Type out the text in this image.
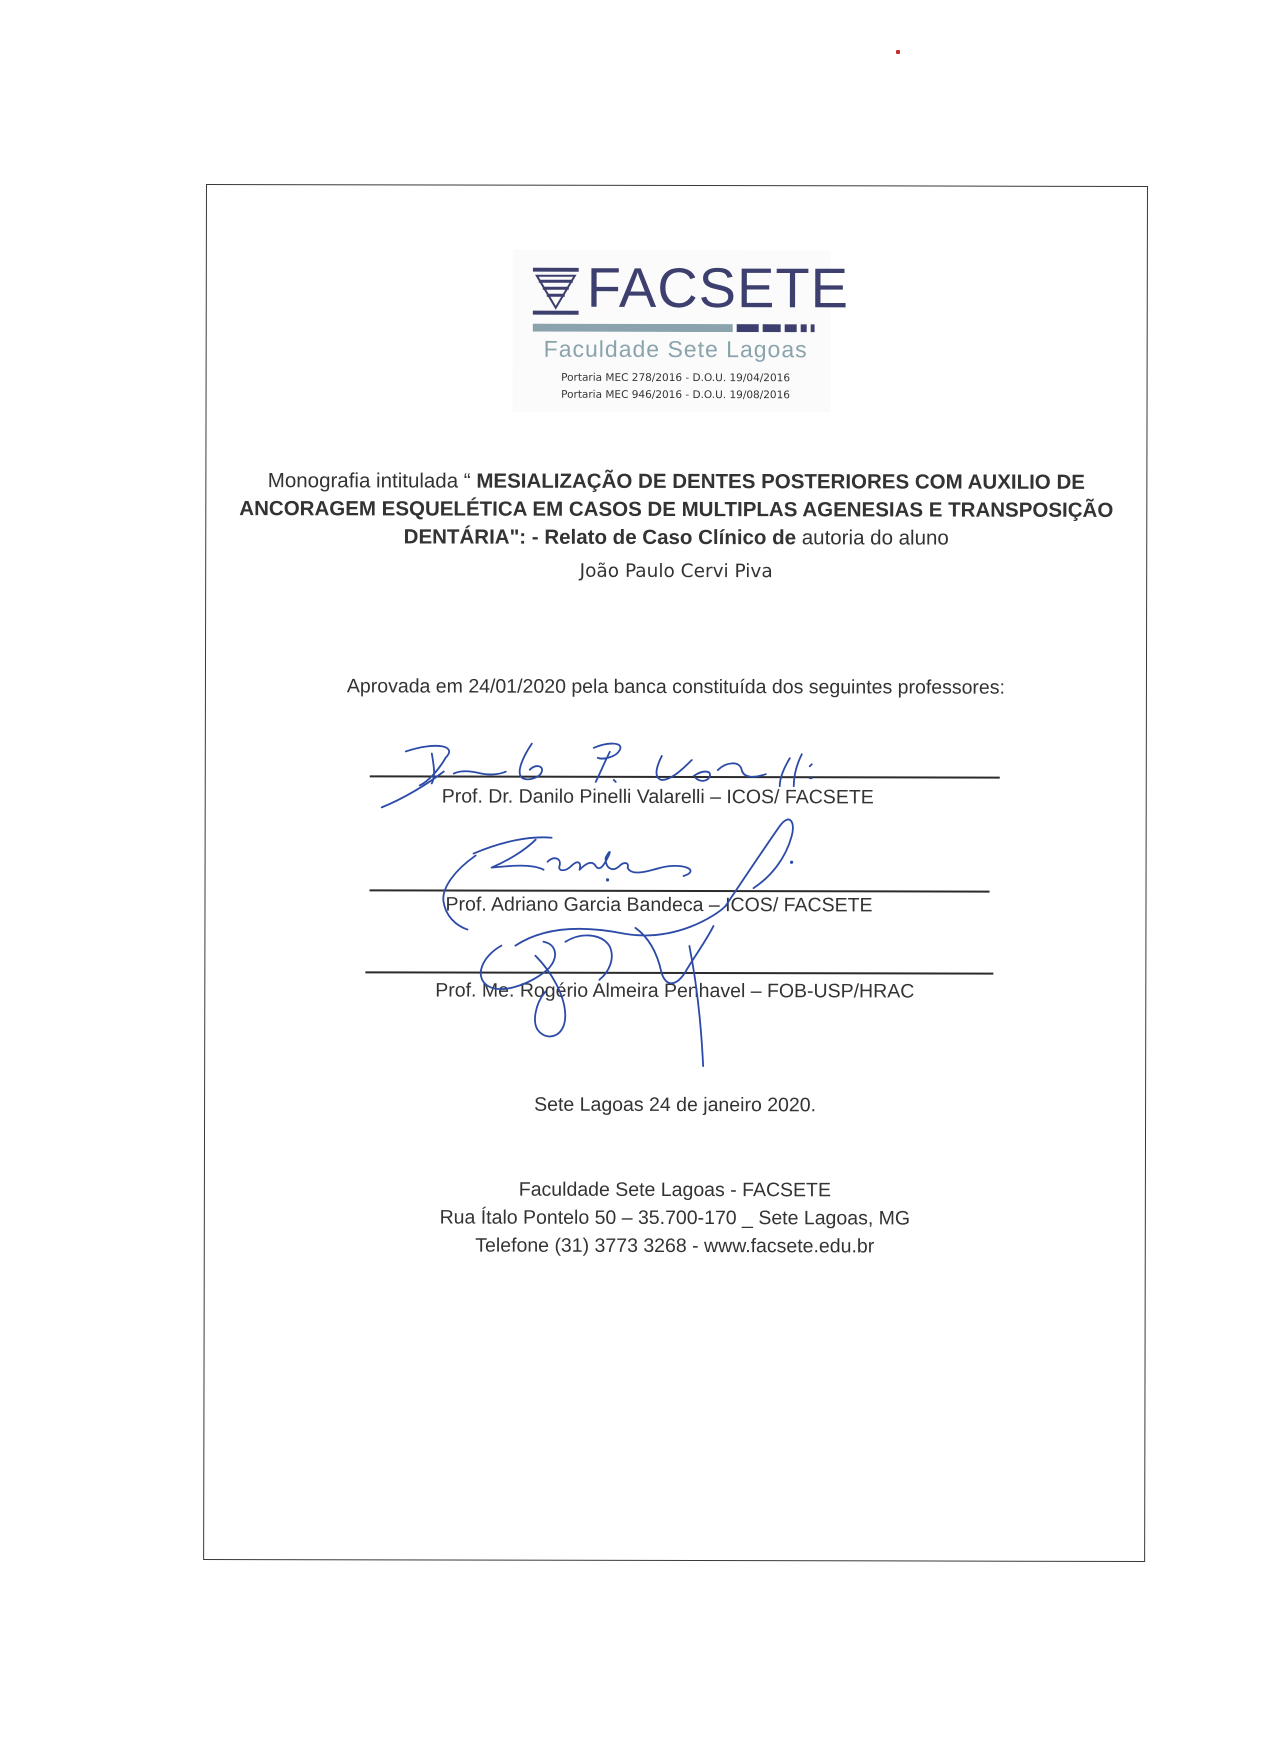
FACSETE
Faculdade Sete Lagoas
Portaria MEC 278/2016 - D.O.U. 19/04/2016
Portaria MEC 946/2016 - D.O.U. 19/08/2016
Monografia intitulada “ MESIALIZAÇÃO DE DENTES POSTERIORES COM AUXILIO DE ANCORAGEM ESQUELÉTICA EM CASOS DE MULTIPLAS AGENESIAS E TRANSPOSIÇÃO DENTÁRIA": - Relato de Caso Clínico de autoria do aluno
João Paulo Cervi Piva
Aprovada em 24/01/2020 pela banca constituída dos seguintes professores:
Prof. Dr. Danilo Pinelli Valarelli – ICOS/ FACSETE
Prof. Adriano Garcia Bandeca – ICOS/ FACSETE
Prof. Me. Rogério Almeira Penhavel – FOB-USP/HRAC
Sete Lagoas 24 de janeiro 2020.
Faculdade Sete Lagoas - FACSETE
Rua Ítalo Pontelo 50 – 35.700-170 _ Sete Lagoas, MG
Telefone (31) 3773 3268 - www.facsete.edu.br
